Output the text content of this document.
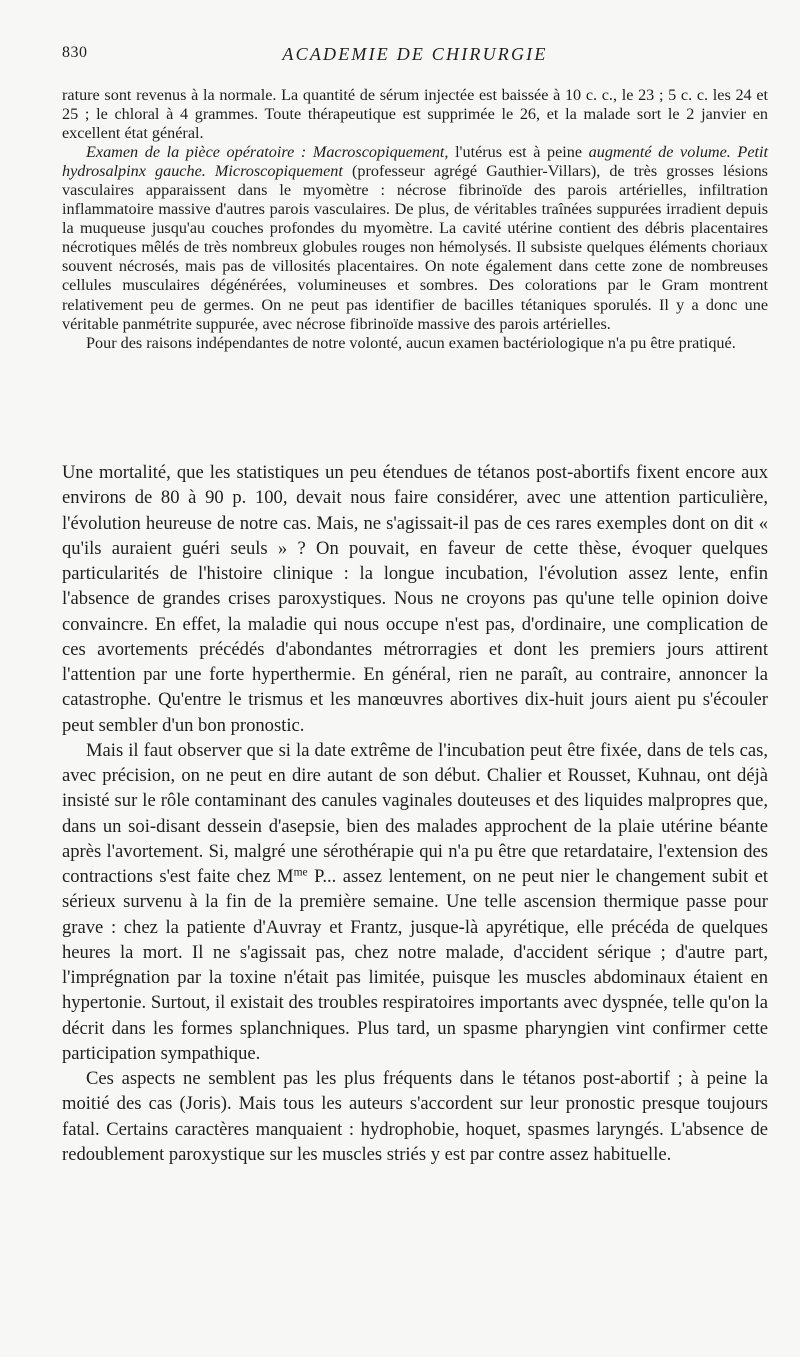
830	ACADEMIE DE CHIRURGIE

rature sont revenus à la normale. La quantité de sérum injectée est baissée à 10 c. c., le 23 ; 5 c. c. les 24 et 25 ; le chloral à 4 grammes. Toute thérapeutique est supprimée le 26, et la malade sort le 2 janvier en excellent état général.

Examen de la pièce opératoire : Macroscopiquement, l'utérus est à peine augmenté de volume. Petit hydrosalpinx gauche. Microscopiquement (professeur agrégé Gauthier-Villars), de très grosses lésions vasculaires apparaissent dans le myomètre : nécrose fibrinoïde des parois artérielles, infiltration inflammatoire massive d'autres parois vasculaires. De plus, de véritables traînées suppurées irradient depuis la muqueuse jusqu'au couches profondes du myomètre. La cavité utérine contient des débris placentaires nécrotiques mêlés de très nombreux globules rouges non hémolysés. Il subsiste quelques éléments choriaux souvent nécrosés, mais pas de villosités placentaires. On note également dans cette zone de nombreuses cellules musculaires dégénérées, volumineuses et sombres. Des colorations par le Gram montrent relativement peu de germes. On ne peut pas identifier de bacilles tétaniques sporulés. Il y a donc une véritable panmétrite suppurée, avec nécrose fibrinoïde massive des parois artérielles.

Pour des raisons indépendantes de notre volonté, aucun examen bactériologique n'a pu être pratiqué.

Une mortalité, que les statistiques un peu étendues de tétanos post-abortifs fixent encore aux environs de 80 à 90 p. 100, devait nous faire considérer, avec une attention particulière, l'évolution heureuse de notre cas. Mais, ne s'agissait-il pas de ces rares exemples dont on dit « qu'ils auraient guéri seuls » ? On pouvait, en faveur de cette thèse, évoquer quelques particularités de l'histoire clinique : la longue incubation, l'évolution assez lente, enfin l'absence de grandes crises paroxystiques. Nous ne croyons pas qu'une telle opinion doive convaincre. En effet, la maladie qui nous occupe n'est pas, d'ordinaire, une complication de ces avortements précédés d'abondantes métrorragies et dont les premiers jours attirent l'attention par une forte hyperthermie. En général, rien ne paraît, au contraire, annoncer la catastrophe. Qu'entre le trismus et les manœuvres abortives dix-huit jours aient pu s'écouler peut sembler d'un bon pronostic.

Mais il faut observer que si la date extrême de l'incubation peut être fixée, dans de tels cas, avec précision, on ne peut en dire autant de son début. Chalier et Rousset, Kuhnau, ont déjà insisté sur le rôle contaminant des canules vaginales douteuses et des liquides malpropres que, dans un soi-disant dessein d'asepsie, bien des malades approchent de la plaie utérine béante après l'avortement. Si, malgré une sérothérapie qui n'a pu être que retardataire, l'extension des contractions s'est faite chez $M^{me}$ P... assez lentement, on ne peut nier le changement subit et sérieux survenu à la fin de la première semaine. Une telle ascension thermique passe pour grave : chez la patiente d'Auvray et Frantz, jusque-là apyrétique, elle précéda de quelques heures la mort. Il ne s'agissait pas, chez notre malade, d'accident sérique ; d'autre part, l'imprégnation par la toxine n'était pas limitée, puisque les muscles abdominaux étaient en hypertonie. Surtout, il existait des troubles respiratoires importants avec dyspnée, telle qu'on la décrit dans les formes splanchniques. Plus tard, un spasme pharyngien vint confirmer cette participation sympathique.

Ces aspects ne semblent pas les plus fréquents dans le tétanos post-abortif ; à peine la moitié des cas (Joris). Mais tous les auteurs s'accordent sur leur pronostic presque toujours fatal. Certains caractères manquaient : hydrophobie, hoquet, spasmes laryngés. L'absence de redoublement paroxystique sur les muscles striés y est par contre assez habituelle.
